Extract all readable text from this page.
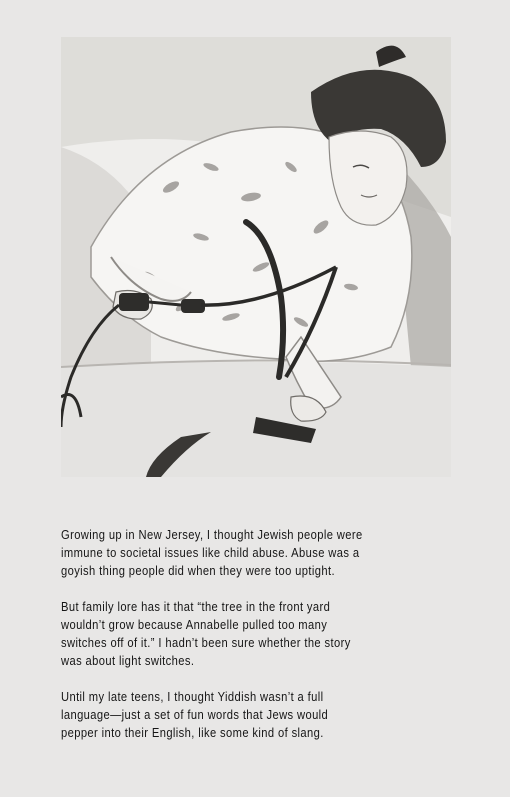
Growing up in New Jersey, I thought Jewish people were
immune to societal issues like child abuse. Abuse was a
goyish thing people did when they were too uptight.

But family lore has it that “the tree in the front yard
wouldn’t grow because Annabelle pulled too many
switches off of it.” I hadn’t been sure whether the story
was about light switches.

Until my late teens, I thought Yiddish wasn’t a full
language—just a set of fun words that Jews would
pepper into their English, like some kind of slang.
